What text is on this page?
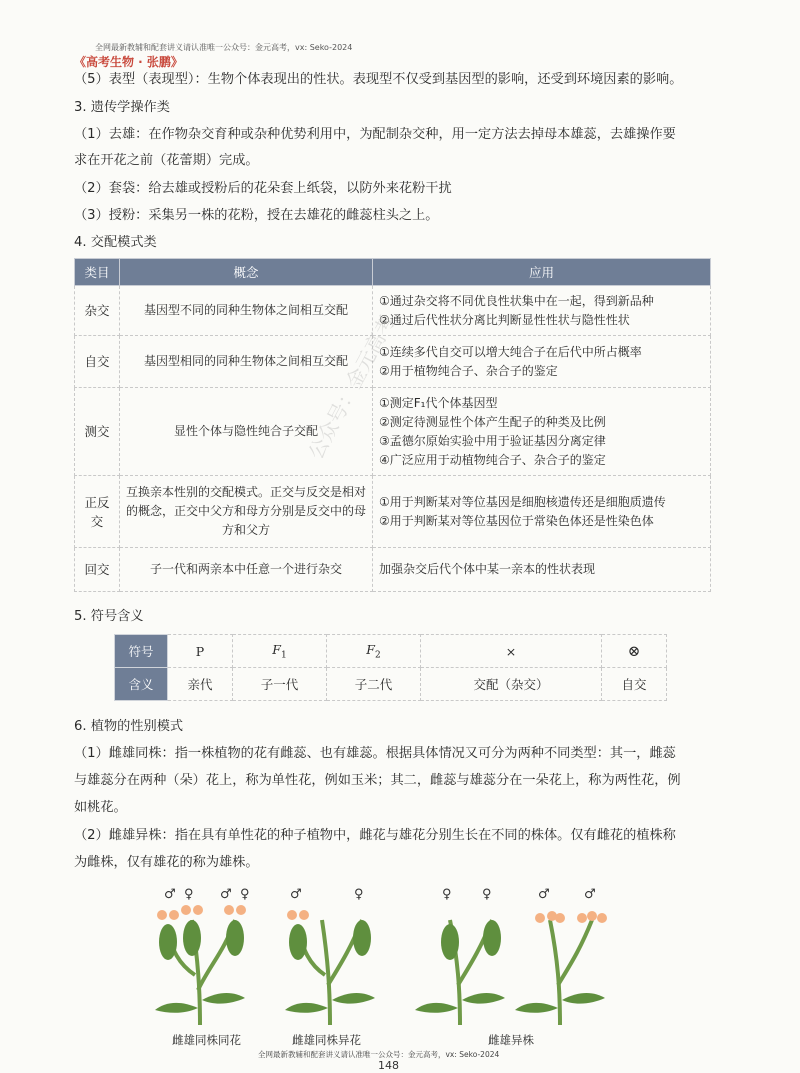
全网最新教辅和配套讲义请认准唯一公众号：金元高考，vx: Seko-2024
《高考生物 · 张鹏》
（5）表型（表现型）：生物个体表现出的性状。表现型不仅受到基因型的影响，还受到环境因素的影响。
3. 遗传学操作类
（1）去雄：在作物杂交育种或杂种优势利用中，为配制杂交种，用一定方法去掉母本雄蕊，去雄操作要
求在开花之前（花蕾期）完成。
（2）套袋：给去雄或授粉后的花朵套上纸袋，以防外来花粉干扰
（3）授粉：采集另一株的花粉，授在去雄花的雌蕊柱头之上。
4. 交配模式类
类目	概念	应用
杂交	基因型不同的同种生物体之间相互交配	①通过杂交将不同优良性状集中在一起，得到新品种
②通过后代性状分离比判断显性性状与隐性性状

自交	基因型相同的同种生物体之间相互交配	①连续多代自交可以增大纯合子在后代中所占概率
②用于植物纯合子、杂合子的鉴定

测交	显性个体与隐性纯合子交配	①测定F₁代个体基因型
②测定待测显性个体产生配子的种类及比例
③孟德尔原始实验中用于验证基因分离定律
④广泛应用于动植物纯合子、杂合子的鉴定

正反交	互换亲本性别的交配模式。正交与反交是相对的概念，正交中父方和母方分别是反交中的母方和父方	①用于判断某对等位基因是细胞核遗传还是细胞质遗传
②用于判断某对等位基因位于常染色体还是性染色体

回交	子一代和两亲本中任意一个进行杂交	加强杂交后代个体中某一亲本的性状表现
公众号：金元高考
5. 符号含义
符号	P	$F_1$	$F_2$	×	⊗
含义	亲代	子一代	子二代	交配（杂交）	自交
6. 植物的性别模式
（1）雌雄同株：指一株植物的花有雌蕊、也有雄蕊。根据具体情况又可分为两种不同类型：其一，雌蕊
与雄蕊分在两种（朵）花上，称为单性花，例如玉米；其二，雌蕊与雄蕊分在一朵花上，称为两性花，例
如桃花。
（2）雌雄异株：指在具有单性花的种子植物中，雌花与雄花分别生长在不同的株体。仅有雌花的植株称
为雌株，仅有雄花的称为雄株。
♂ ♀ ♂ ♀	♂	♀	♀ ♀	♂	♂
雌雄同株同花	雌雄同株异花	雌雄异株
全网最新教辅和配套讲义请认准唯一公众号：金元高考，vx: Seko-2024
148
